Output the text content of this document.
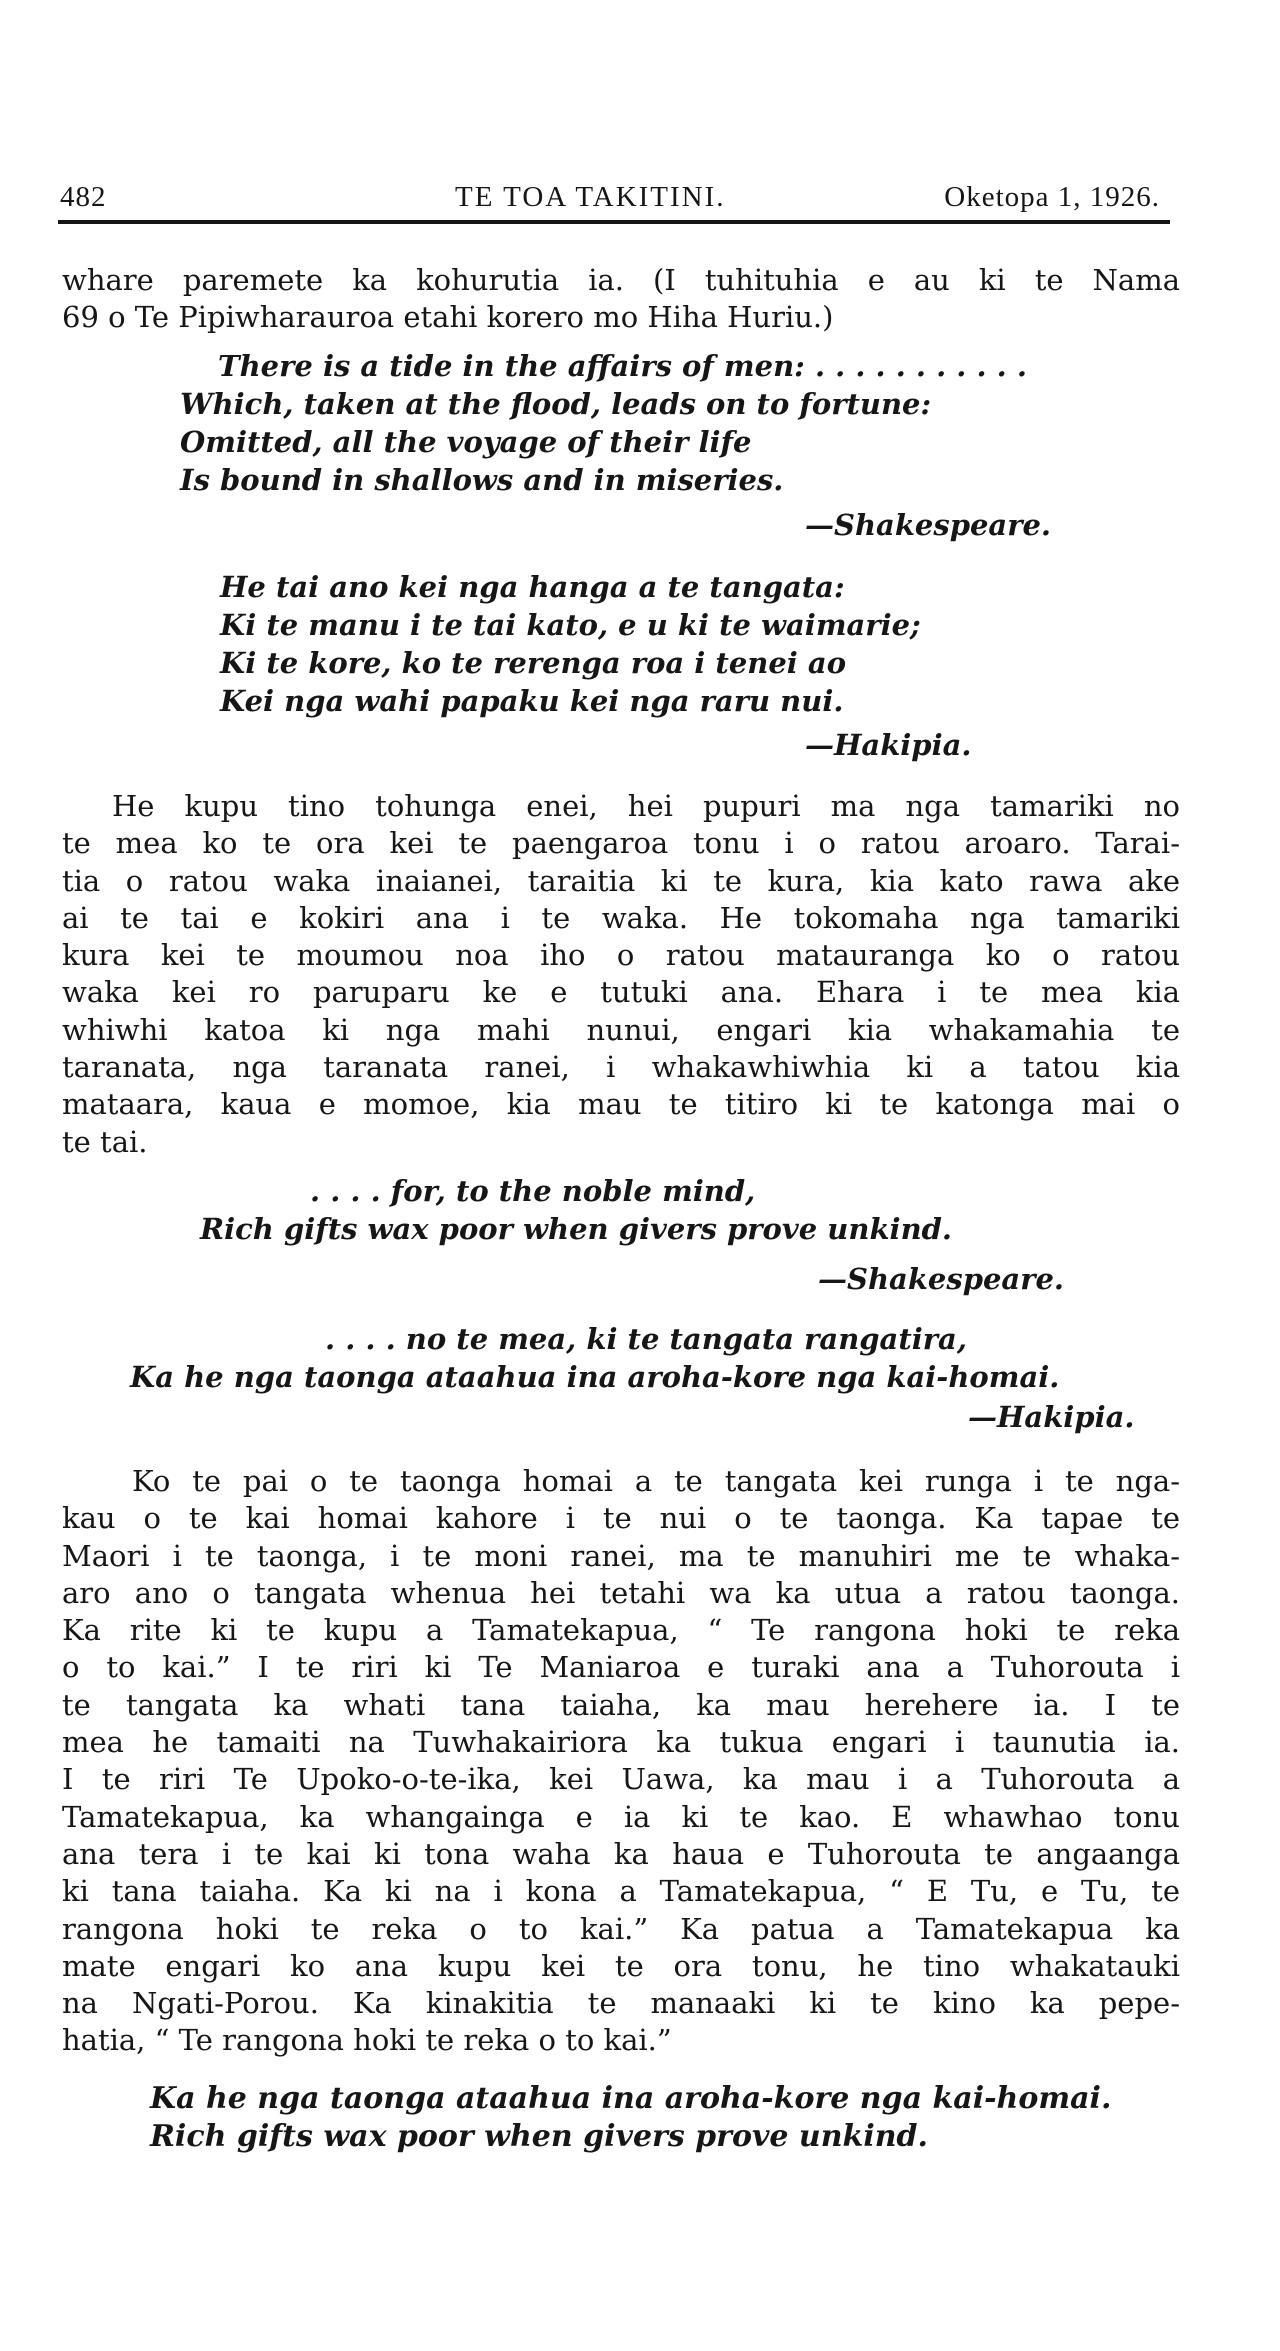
482	TE TOA TAKITINI.	Oketopa 1, 1926.
whare paremete ka kohurutia ia. (I tuhituhia e au ki te Nama
69 o Te Pipiwharauroa etahi korero mo Hiha Huriu.)
There is a tide in the affairs of men: . . . . . . . . . . .
Which, taken at the flood, leads on to fortune:
Omitted, all the voyage of their life
Is bound in shallows and in miseries.
—Shakespeare.
He tai ano kei nga hanga a te tangata:
Ki te manu i te tai kato, e u ki te waimarie;
Ki te kore, ko te rerenga roa i tenei ao
Kei nga wahi papaku kei nga raru nui.
—Hakipia.
He kupu tino tohunga enei, hei pupuri ma nga tamariki no
te mea ko te ora kei te paengaroa tonu i o ratou aroaro. Tarai-
tia o ratou waka inaianei, taraitia ki te kura, kia kato rawa ake
ai te tai e kokiri ana i te waka. He tokomaha nga tamariki
kura kei te moumou noa iho o ratou matauranga ko o ratou
waka kei ro paruparu ke e tutuki ana. Ehara i te mea kia
whiwhi katoa ki nga mahi nunui, engari kia whakamahia te
taranata, nga taranata ranei, i whakawhiwhia ki a tatou kia
mataara, kaua e momoe, kia mau te titiro ki te katonga mai o
te tai.
. . . . for, to the noble mind,
Rich gifts wax poor when givers prove unkind.
—Shakespeare.
. . . . no te mea, ki te tangata rangatira,
Ka he nga taonga ataahua ina aroha-kore nga kai-homai.
—Hakipia.
Ko te pai o te taonga homai a te tangata kei runga i te nga-
kau o te kai homai kahore i te nui o te taonga. Ka tapae te
Maori i te taonga, i te moni ranei, ma te manuhiri me te whaka-
aro ano o tangata whenua hei tetahi wa ka utua a ratou taonga.
Ka rite ki te kupu a Tamatekapua, “ Te rangona hoki te reka
o to kai.” I te riri ki Te Maniaroa e turaki ana a Tuhorouta i
te tangata ka whati tana taiaha, ka mau herehere ia. I te
mea he tamaiti na Tuwhakairiora ka tukua engari i taunutia ia.
I te riri Te Upoko-o-te-ika, kei Uawa, ka mau i a Tuhorouta a
Tamatekapua, ka whangainga e ia ki te kao. E whawhao tonu
ana tera i te kai ki tona waha ka haua e Tuhorouta te angaanga
ki tana taiaha. Ka ki na i kona a Tamatekapua, “ E Tu, e Tu, te
rangona hoki te reka o to kai.” Ka patua a Tamatekapua ka
mate engari ko ana kupu kei te ora tonu, he tino whakatauki
na Ngati-Porou. Ka kinakitia te manaaki ki te kino ka pepe-
hatia, “ Te rangona hoki te reka o to kai.”
Ka he nga taonga ataahua ina aroha-kore nga kai-homai.
Rich gifts wax poor when givers prove unkind.
